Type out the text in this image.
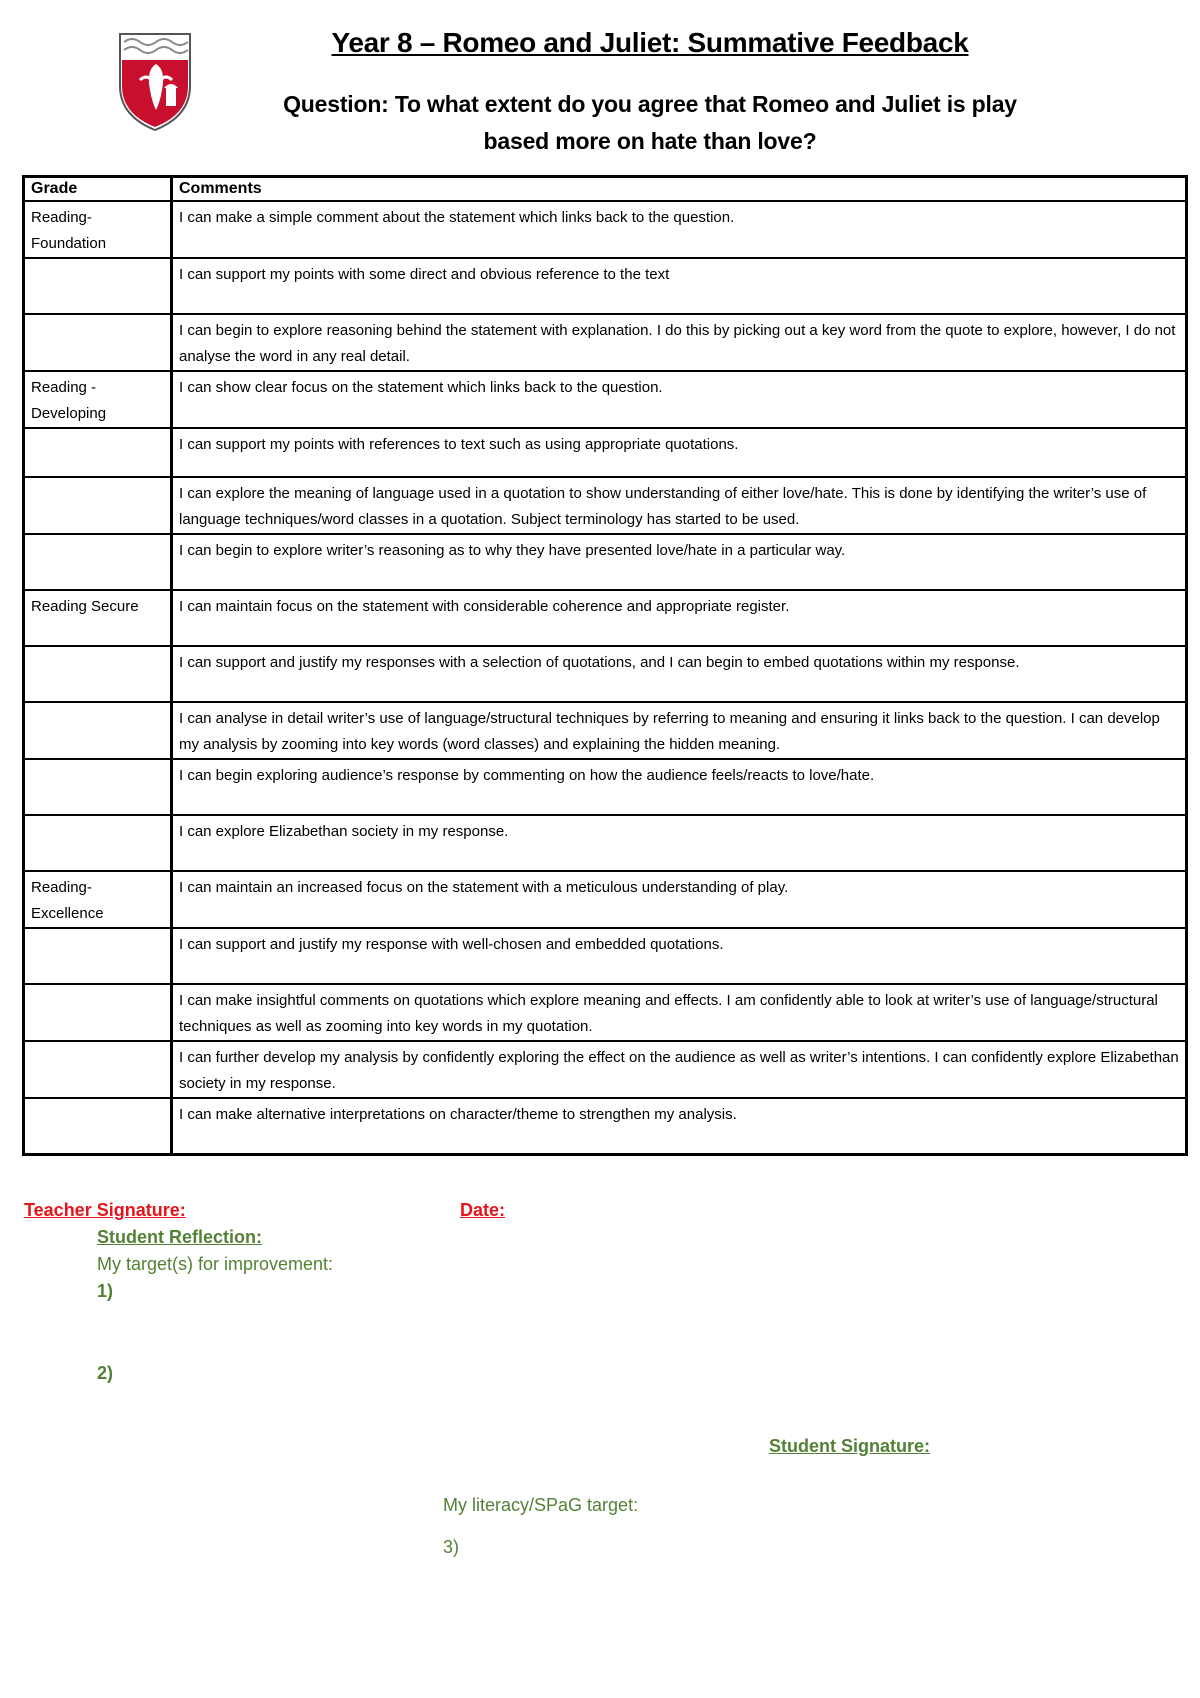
Year 8 – Romeo and Juliet: Summative Feedback
Question: To what extent do you agree that Romeo and Juliet is play
based more on hate than love?
Grade	Comments
Reading- Foundation	I can make a simple comment about the statement which links back to the question.
	I can support my points with some direct and obvious reference to the text
	I can begin to explore reasoning behind the statement with explanation. I do this by picking out a key word from the quote to explore, however, I do not analyse the word in any real detail.
Reading - Developing	I can show clear focus on the statement which links back to the question.
	I can support my points with references to text such as using appropriate quotations.
	I can explore the meaning of language used in a quotation to show understanding of either love/hate. This is done by identifying the writer’s use of language techniques/word classes in a quotation. Subject terminology has started to be used.
	I can begin to explore writer’s reasoning as to why they have presented love/hate in a particular way.
Reading Secure	I can maintain focus on the statement with considerable coherence and appropriate register.
	I can support and justify my responses with a selection of quotations, and I can begin to embed quotations within my response.
	I can analyse in detail writer’s use of language/structural techniques by referring to meaning and ensuring it links back to the question. I can develop my analysis by zooming into key words (word classes) and explaining the hidden meaning.
	I can begin exploring audience’s response by commenting on how the audience feels/reacts to love/hate.
	I can explore Elizabethan society in my response.
Reading- Excellence	I can maintain an increased focus on the statement with a meticulous understanding of play.
	I can support and justify my response with well-chosen and embedded quotations.
	I can make insightful comments on quotations which explore meaning and effects. I am confidently able to look at writer’s use of language/structural techniques as well as zooming into key words in my quotation.
	I can further develop my analysis by confidently exploring the effect on the audience as well as writer’s intentions. I can confidently explore Elizabethan society in my response.
	I can make alternative interpretations on character/theme to strengthen my analysis.
Teacher Signature:	Date:
Student Reflection:
My target(s) for improvement:
1)
2)
Student Signature:
My literacy/SPaG target:
3)
